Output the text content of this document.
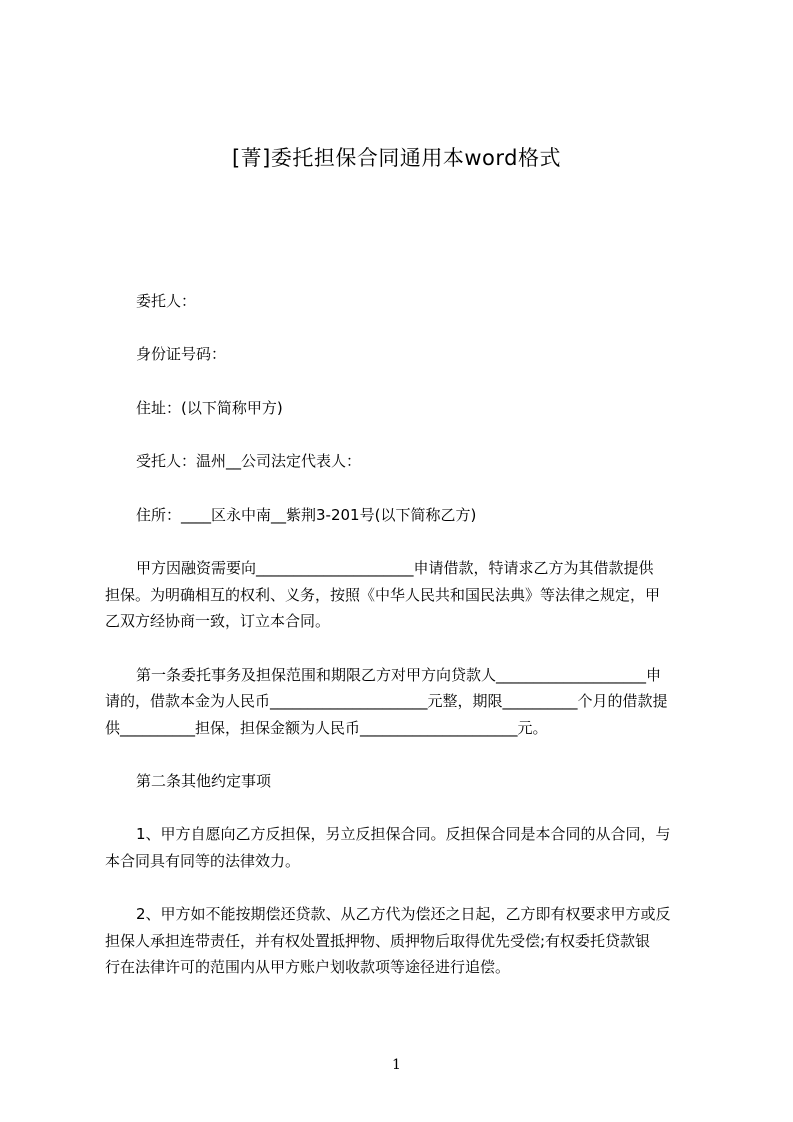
[菁]委托担保合同通用本word格式
委托人：
身份证号码：
住址：(以下简称甲方)
受托人：温州__公司法定代表人：
住所：____区永中南__紫荆3-201号(以下简称乙方)
甲方因融资需要向_____________________申请借款，特请求乙方为其借款提供
担保。为明确相互的权利、义务，按照《中华人民共和国民法典》等法律之规定，甲
乙双方经协商一致，订立本合同。
第一条委托事务及担保范围和期限乙方对甲方向贷款人____________________申
请的，借款本金为人民币_____________________元整，期限__________个月的借款提
供__________担保，担保金额为人民币_____________________元。
第二条其他约定事项
1、甲方自愿向乙方反担保，另立反担保合同。反担保合同是本合同的从合同，与
本合同具有同等的法律效力。
2、甲方如不能按期偿还贷款、从乙方代为偿还之日起，乙方即有权要求甲方或反
担保人承担连带责任，并有权处置抵押物、质押物后取得优先受偿;有权委托贷款银
行在法律许可的范围内从甲方账户划收款项等途径进行追偿。
1
